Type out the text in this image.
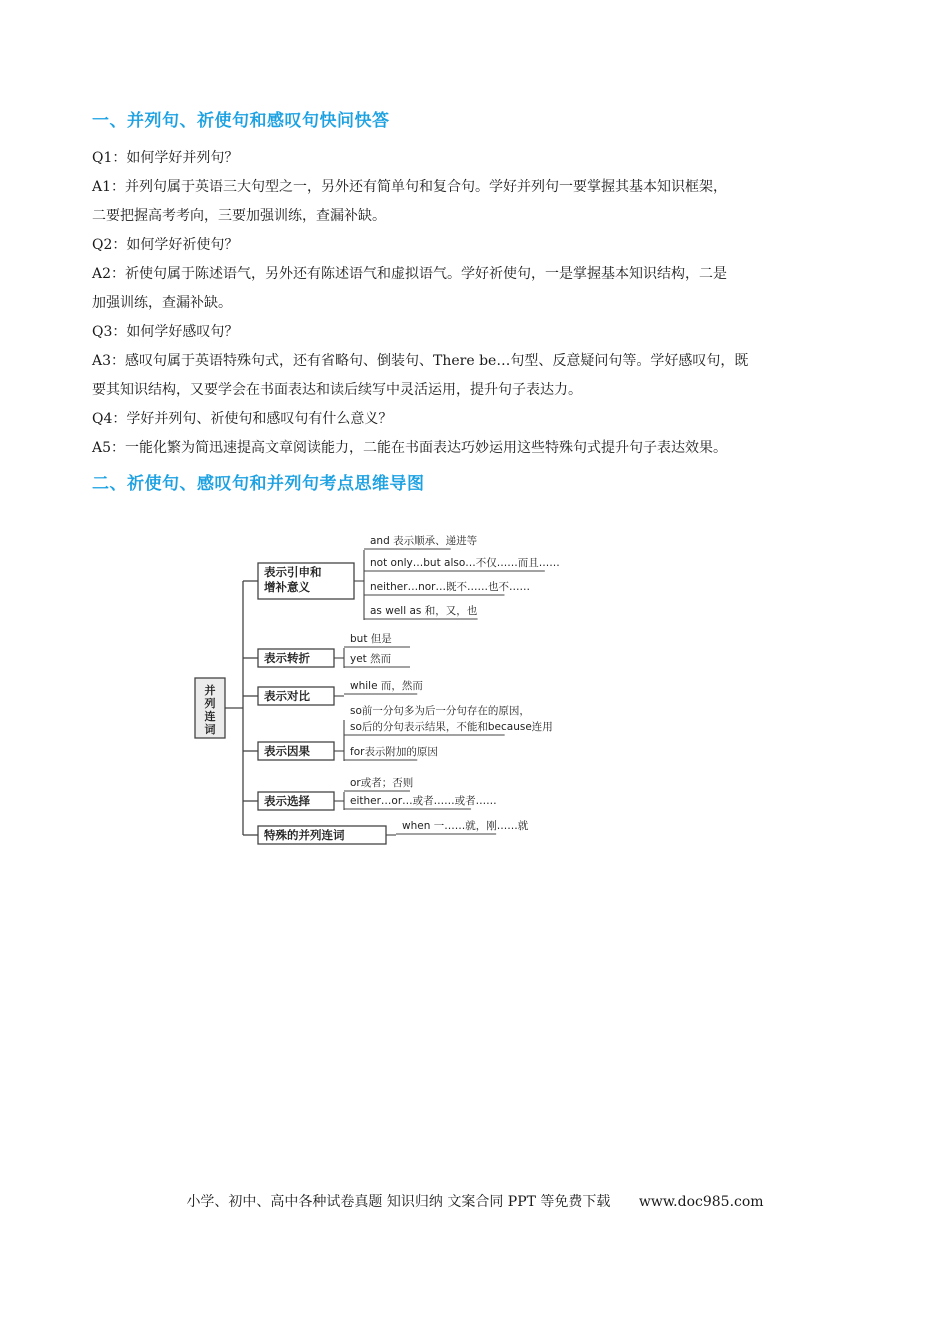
一、并列句、祈使句和感叹句快问快答

Q1：如何学好并列句？

A1：并列句属于英语三大句型之一，另外还有简单句和复合句。学好并列句一要掌握其基本知识框架，

二要把握高考考向，三要加强训练，查漏补缺。

Q2：如何学好祈使句？

A2：祈使句属于陈述语气，另外还有陈述语气和虚拟语气。学好祈使句，一是掌握基本知识结构，二是

加强训练，查漏补缺。

Q3：如何学好感叹句？

A3：感叹句属于英语特殊句式，还有省略句、倒装句、There be…句型、反意疑问句等。学好感叹句，既

要其知识结构，又要学会在书面表达和读后续写中灵活运用，提升句子表达力。

Q4：学好并列句、祈使句和感叹句有什么意义？

A5：一能化繁为简迅速提高文章阅读能力，二能在书面表达巧妙运用这些特殊句式提升句子表达效果。

二、祈使句、感叹句和并列句考点思维导图
并
列
连
词
表示引申和
增补意义
and 表示顺承、递进等
not only…but also…不仅……而且……
neither…nor…既不……也不……
as well as 和，又，也
表示转折
but 但是
yet 然而
表示对比
while 而，然而
表示因果
so前一分句多为后一分句存在的原因，
so后的分句表示结果，不能和because连用
for表示附加的原因
表示选择
or或者；否则
either…or…或者……或者……
特殊的并列连词
when 一……就，刚……就
小学、初中、高中各种试卷真题 知识归纳 文案合同 PPT 等免费下载 www.doc985.com
